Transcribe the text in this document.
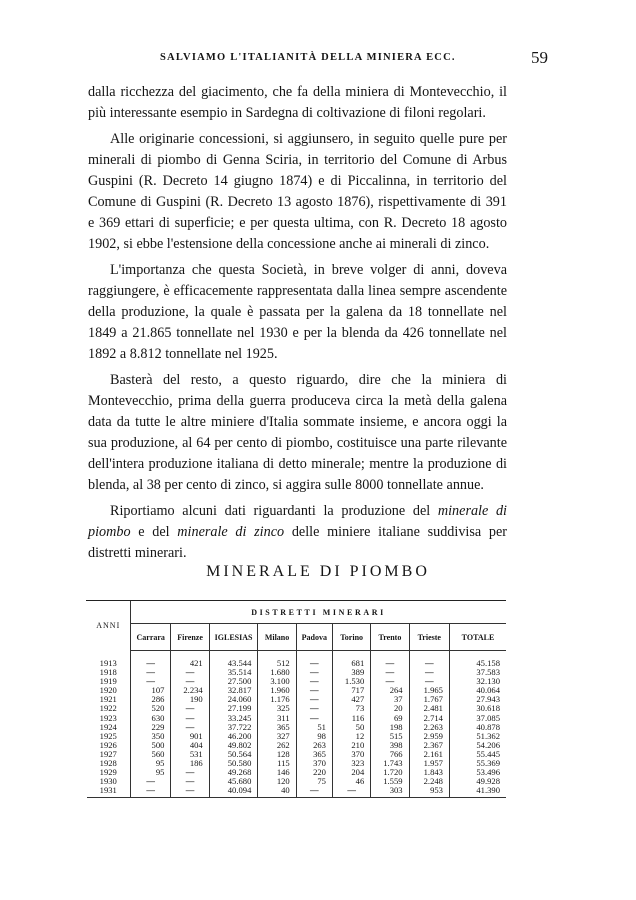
SALVIAMO L'ITALIANITÀ DELLA MINIERA ECC.	59

dalla ricchezza del giacimento, che fa della miniera di Montevecchio, il più interessante esempio in Sardegna di coltivazione di filoni regolari.

Alle originarie concessioni, si aggiunsero, in seguito quelle pure per minerali di piombo di Genna Sciria, in territorio del Comune di Arbus Guspini (R. Decreto 14 giugno 1874) e di Piccalinna, in territorio del Comune di Guspini (R. Decreto 13 agosto 1876), rispettivamente di 391 e 369 ettari di superficie; e per questa ultima, con R. Decreto 18 agosto 1902, si ebbe l'estensione della concessione anche ai minerali di zinco.

L'importanza che questa Società, in breve volger di anni, doveva raggiungere, è efficacemente rappresentata dalla linea sempre ascendente della produzione, la quale è passata per la galena da 18 tonnellate nel 1849 a 21.865 tonnellate nel 1930 e per la blenda da 426 tonnellate nel 1892 a 8.812 tonnellate nel 1925.

Basterà del resto, a questo riguardo, dire che la miniera di Montevecchio, prima della guerra produceva circa la metà della galena data da tutte le altre miniere d'Italia sommate insieme, e ancora oggi la sua produzione, al 64 per cento di piombo, costituisce una parte rilevante dell'intera produzione italiana di detto minerale; mentre la produzione di blenda, al 38 per cento di zinco, si aggira sulle 8000 tonnellate annue.

Riportiamo alcuni dati riguardanti la produzione del minerale di piombo e del minerale di zinco delle miniere italiane suddivisa per distretti minerari.

MINERALE DI PIOMBO

ANNI	DISTRETTI MINERARI								
	Carrara	Firenze	IGLESIAS	Milano	Padova	Torino	Trento	Trieste	TOTALE

1913	—	421	43.544	512	—	681	—	—	45.158
1918	—	—	35.514	1.680	—	389	—	—	37.583
1919	—	—	27.500	3.100	—	1.530	—	—	32.130
1920	107	2.234	32.817	1.960	—	717	264	1.965	40.064
1921	286	190	24.060	1.176	—	427	37	1.767	27.943
1922	520	—	27.199	325	—	73	20	2.481	30.618
1923	630	—	33.245	311	—	116	69	2.714	37.085
1924	229	—	37.722	365	51	50	198	2.263	40.878
1925	350	901	46.200	327	98	12	515	2.959	51.362
1926	500	404	49.802	262	263	210	398	2.367	54.206
1927	560	531	50.564	128	365	370	766	2.161	55.445
1928	95	186	50.580	115	370	323	1.743	1.957	55.369
1929	95	—	49.268	146	220	204	1.720	1.843	53.496
1930	—	—	45.680	120	75	46	1.559	2.248	49.928
1931	—	—	40.094	40	—	—	303	953	41.390
